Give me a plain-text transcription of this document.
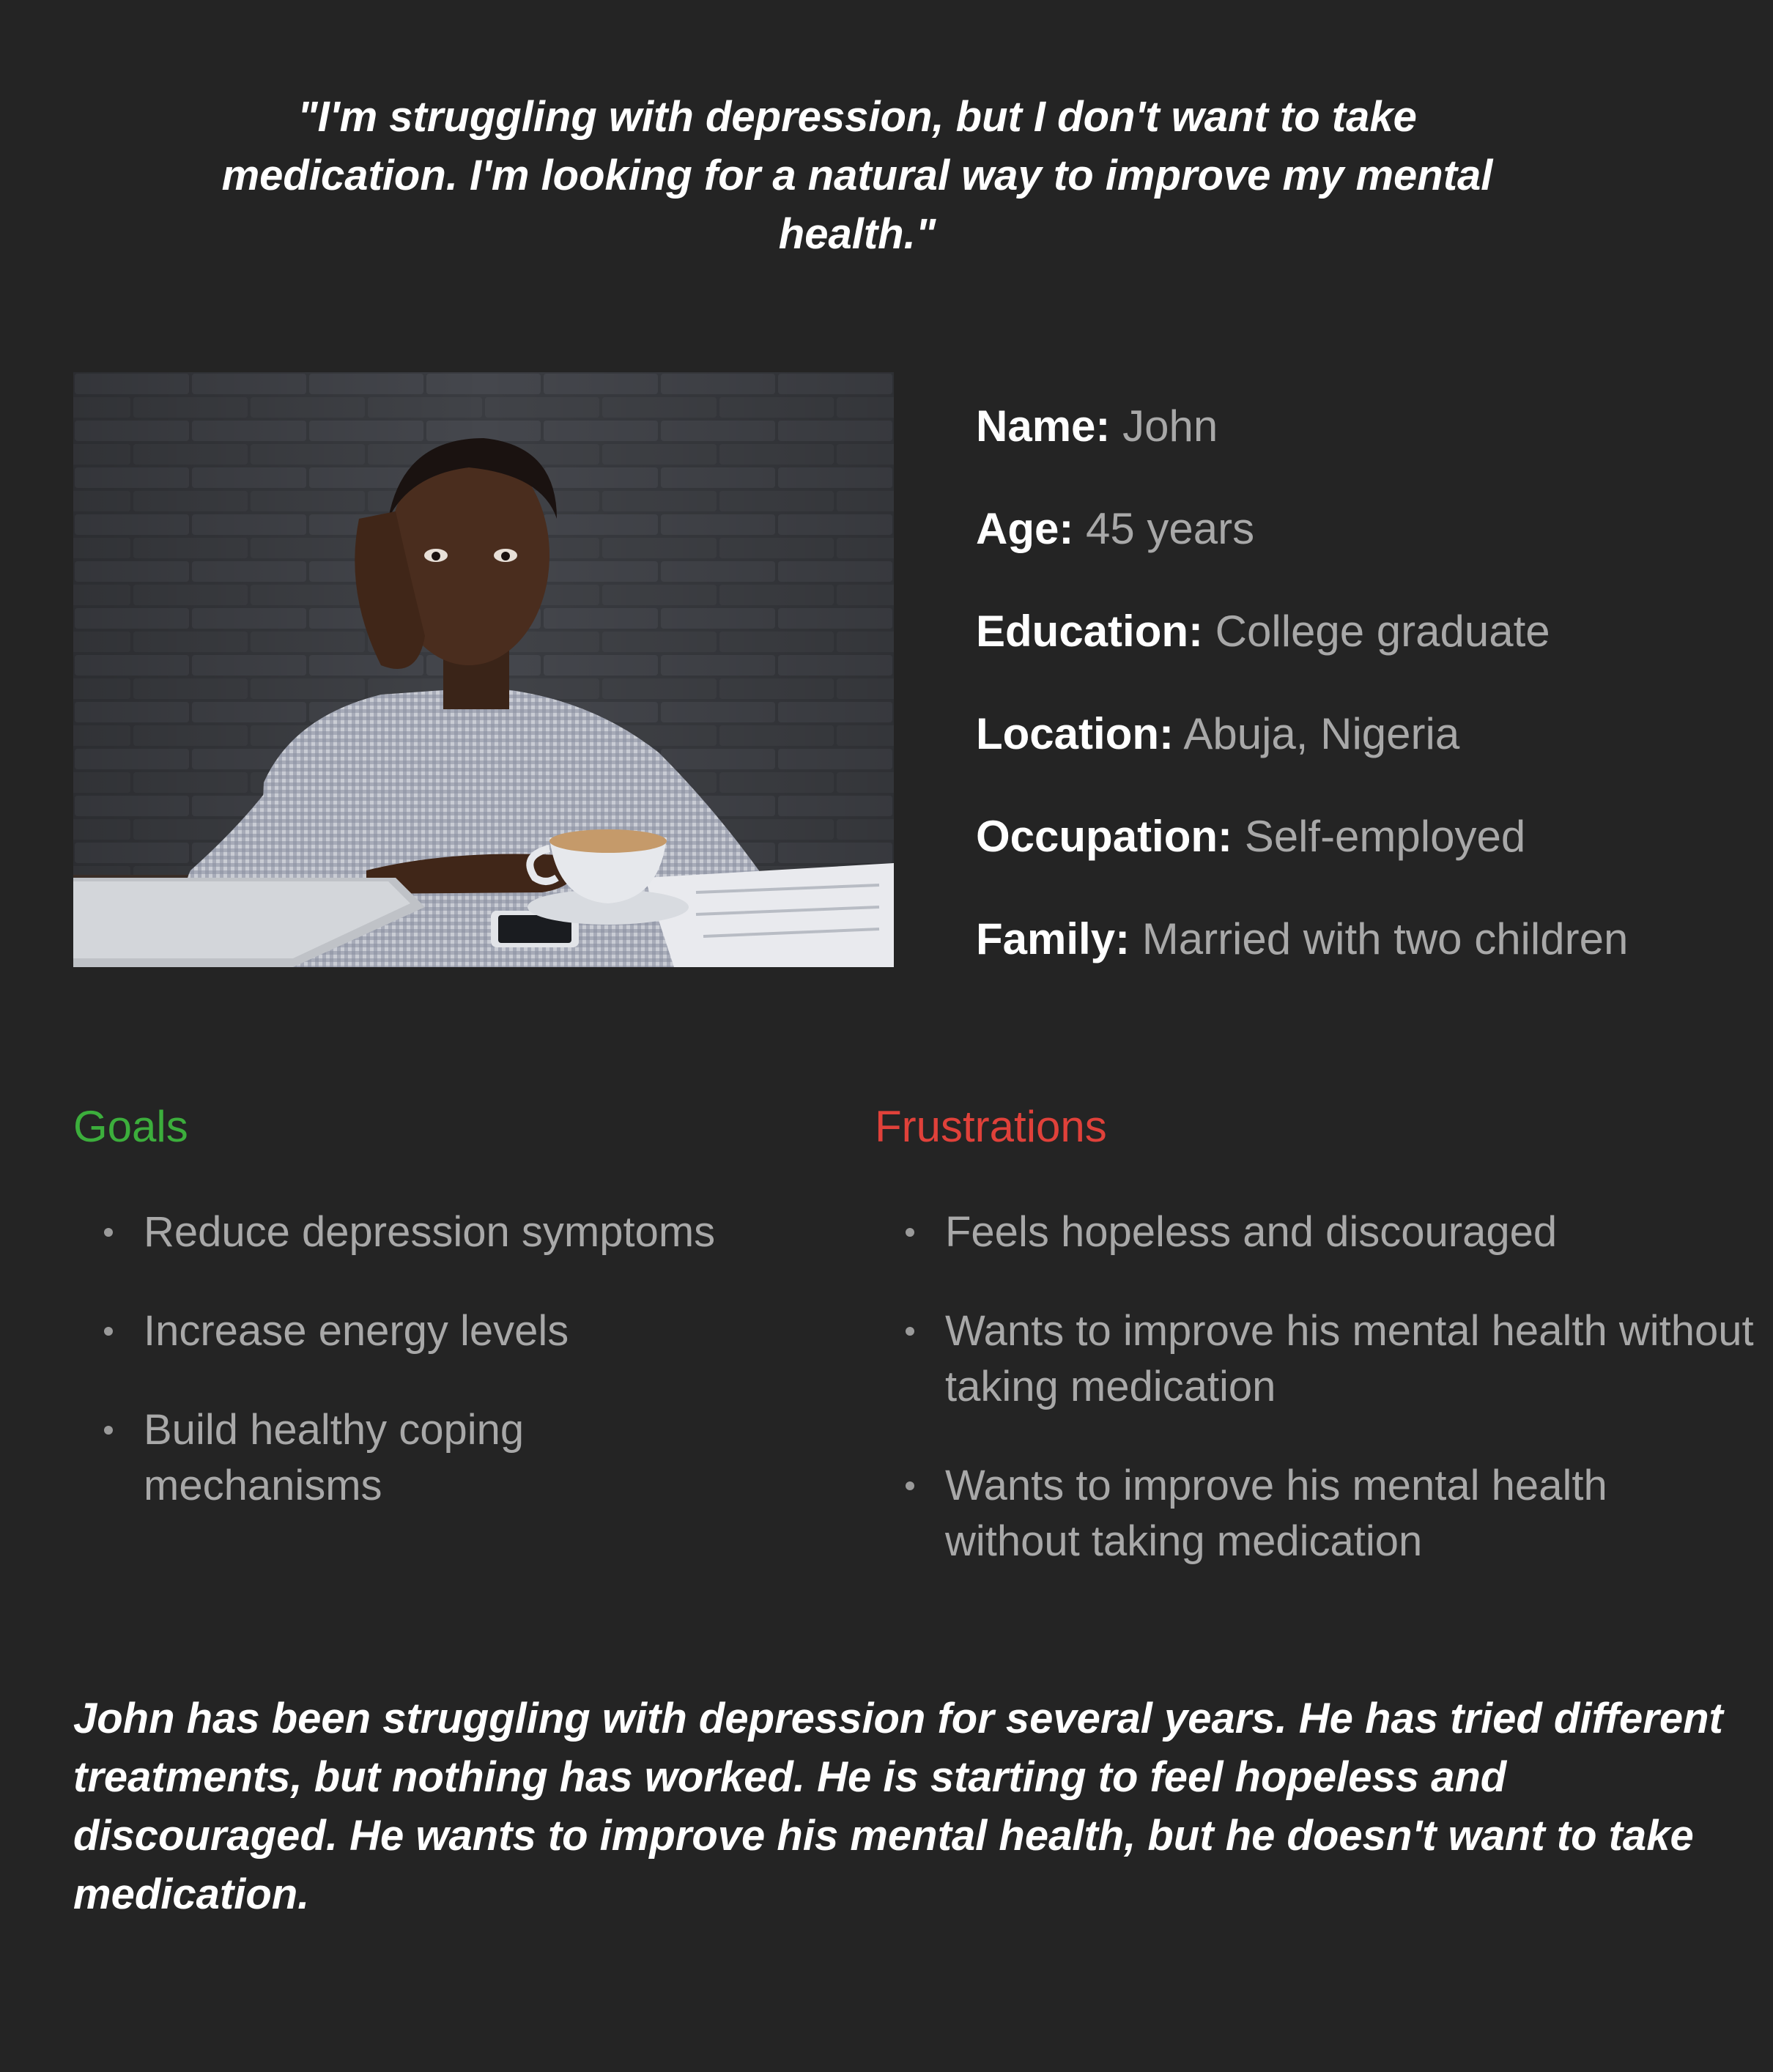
"I'm struggling with depression, but I don't want to take medication. I'm looking for a natural way to improve my mental health."
Name: John
Age: 45 years
Education: College graduate
Location: Abuja, Nigeria
Occupation: Self-employed
Family: Married with two children
Goals
Reduce depression symptoms
Increase energy levels
Build healthy coping mechanisms
Frustrations
Feels hopeless and discouraged
Wants to improve his mental health without taking medication
Wants to improve his mental health without taking medication
John has been struggling with depression for several years. He has tried different treatments, but nothing has worked. He is starting to feel hopeless and discouraged. He wants to improve his mental health, but he doesn't want to take medication.
